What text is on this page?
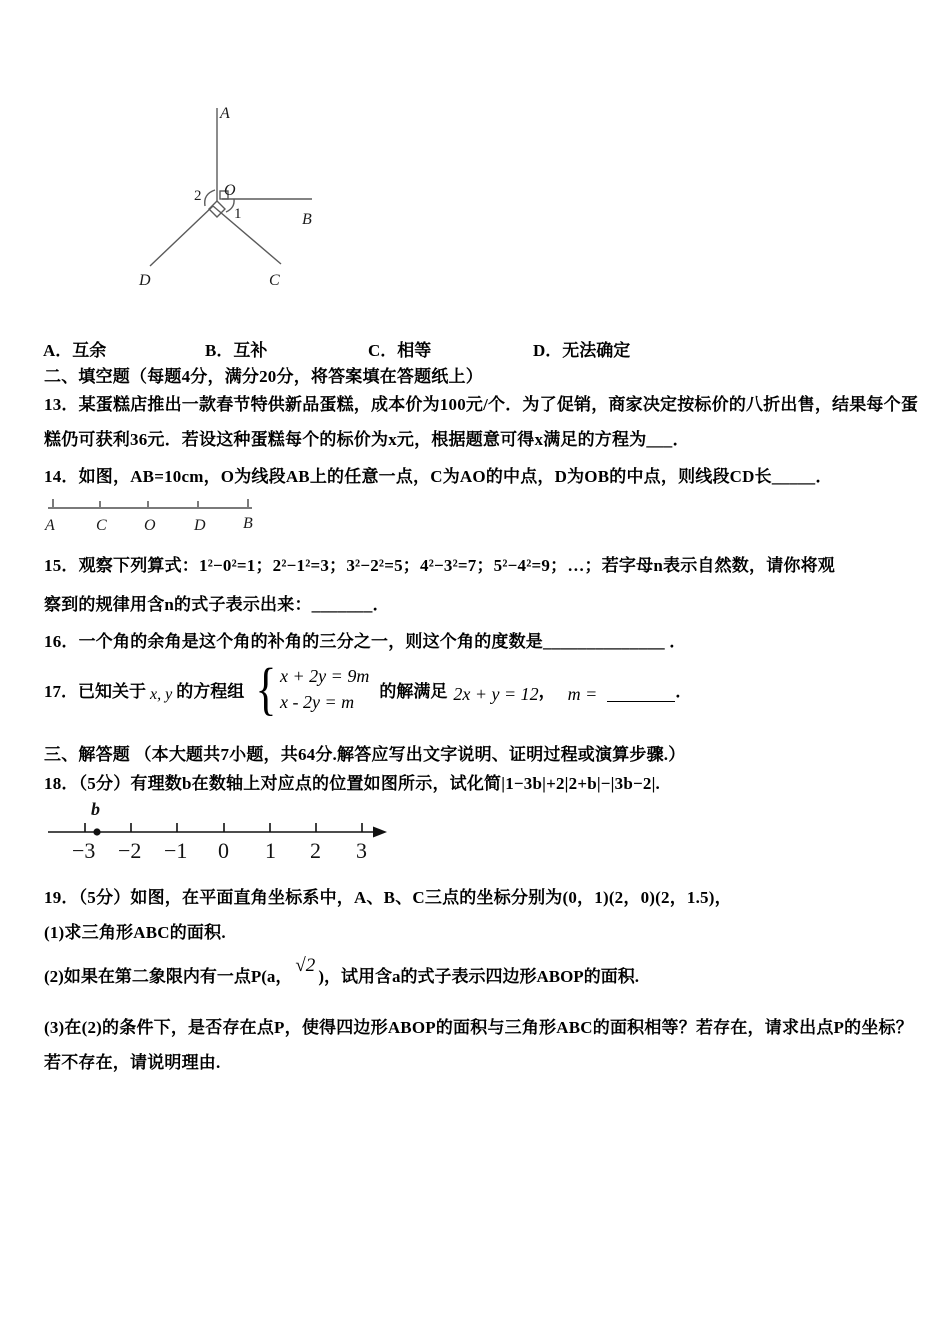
A
O
B
D	C
2
1
A．互余	B．互补	C．相等	D．无法确定
二、填空题（每题4分，满分20分，将答案填在答题纸上）
13．某蛋糕店推出一款春节特供新品蛋糕，成本价为100元/个．为了促销，商家决定按标价的八折出售，结果每个蛋
糕仍可获利36元．若设这种蛋糕每个的标价为x元，根据题意可得x满足的方程为___．
14．如图，AB=10cm，O为线段AB上的任意一点，C为AO的中点，D为OB的中点，则线段CD长_____．
A	C O D B
15．观察下列算式：1²−0²=1；2²−1²=3；3²−2²=5；4²−3²=7；5²−4²=9；…；若字母n表示自然数，请你将观
察到的规律用含n的式子表示出来：_______．
16．一个角的余角是这个角的补角的三分之一，则这个角的度数是______________ ．
17．已知关于 x, y 的方程组 { x + 2y = 9m
x - 2y = m
的解满足 2x + y = 12 ， m =	．
三、解答题 （本大题共7小题，共64分.解答应写出文字说明、证明过程或演算步骤.）
18．（5分）有理数b在数轴上对应点的位置如图所示，试化简|1−3b|+2|2+b|−|3b−2|.
b
−3 −2 −1 0 1 2 3
19．（5分）如图，在平面直角坐标系中，A、B、C三点的坐标分别为(0，1)(2，0)(2，1.5)，
(1)求三角形ABC的面积.
(2)如果在第二象限内有一点P(a， √2 )，试用含a的式子表示四边形ABOP的面积.
(3)在(2)的条件下，是否存在点P，使得四边形ABOP的面积与三角形ABC的面积相等？若存在，请求出点P的坐标？
若不存在，请说明理由.
